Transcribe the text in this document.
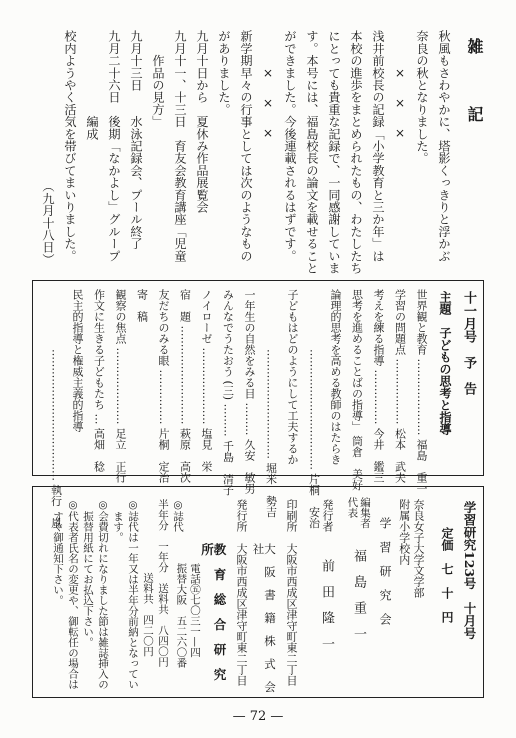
雑　記
秋風もさわやかに、塔影くっきりと浮かぶ
奈良の秋となりました。
× 　× 　×
浅井前校長の記録「小学教育と三か年」は
本校の進歩をまとめられたもの、わたしたち
にとっても貴重な記録で、一同感謝していま
す。本号には、福島校長の論文を載せること
ができました。今後連載されるはずです。
× 　× 　×
新学期早々の行事としては次のようなもの
がありました。
九月十日から　夏休み作品展覧会
九月十一、十三日　育友会教育講座「児童
　　作品の見方」
九月十三日　　水泳記録会、プール終了
九月二十六日　後期「なかよし」グループ
　　　　　　　編成
校内ようやく活気を帯びてまいりました。
（九月十八日）
十一月号　予　告
主題　子どもの思考と指導
世界観と教育 ………………… 福島　重一
学習の問題点 ……………… 松本　武夫
考えを練る指導 …………… 今井　鑑三
思考を進めることばの指導」 筒倉　美好
論理的思考を高める教師のはたらき
…………………………… 片桐　安治
子どもはどのようにして工夫するか
………………………… 堀米　勢吉
一年生の自然をみる目 ……… 久安　敏男
みんなでうたおう (三) ……… 千島　清子
ノイローゼ ………………… 塩見　栄
宿　題 ……………………… 萩原　高次
友だちのみる眼 …………… 片桐　定治
寄　稿
観察の焦点 ………………… 足立　正行
作文に生きる子どもたち … 高畑　稔
民主的指導と権威主義的指導
……………………………… 執行　嵐
学習研究123号　十月号
定価　七　十　円
奈良女子大学文学部
附属小学校内
学　習　研　究　会
編集者
代表
福　島　重　一
発行者
前　田　隆　一
印刷所
大阪市西成区津守町東二丁目
大　阪　書　籍　株　式　会　社
発行所
大阪市西成区津守町東二丁目
教　育　総　合　研　究　所
電話㊄七〇三一—四
振替大阪　五二六〇番
◎誌代
半年分　一年分　送料共　八四〇円
　　　　　　　送料共　四二〇円
◎誌代は一年又は半年分前納となってい
ます。
◎会費切れになりました節は雑誌挿入の
振替用紙にてお払込下さい。
◎代表者氏名の変更や、御転任の場合は
すぐ御通知下さい。
— 72 —
